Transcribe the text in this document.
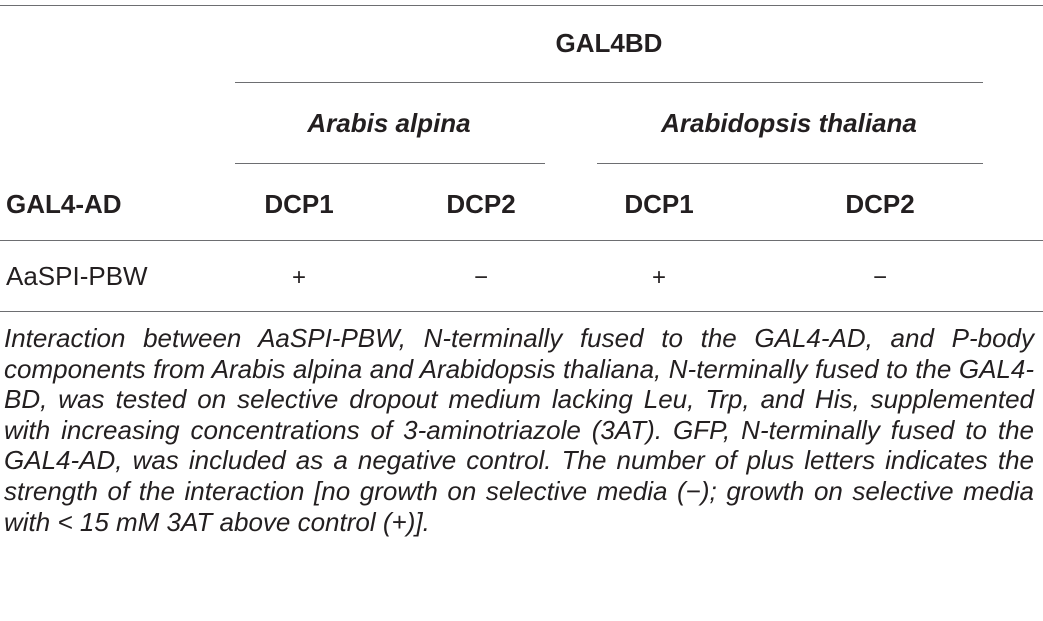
GAL4BD
Arabis alpina	Arabidopsis thaliana
GAL4-AD	DCP1	DCP2	DCP1	DCP2
AaSPI-PBW	+	−	+	−

Interaction between AaSPI-PBW, N-terminally fused to the GAL4-AD, and P-body components from Arabis alpina and Arabidopsis thaliana, N-terminally fused to the GAL4-BD, was tested on selective dropout medium lacking Leu, Trp, and His, supplemented with increasing concentrations of 3-aminotriazole (3AT). GFP, N-terminally fused to the GAL4-AD, was included as a negative control. The number of plus letters indicates the strength of the interaction [no growth on selective media (−); growth on selective media with < 15 mM 3AT above control (+)].
